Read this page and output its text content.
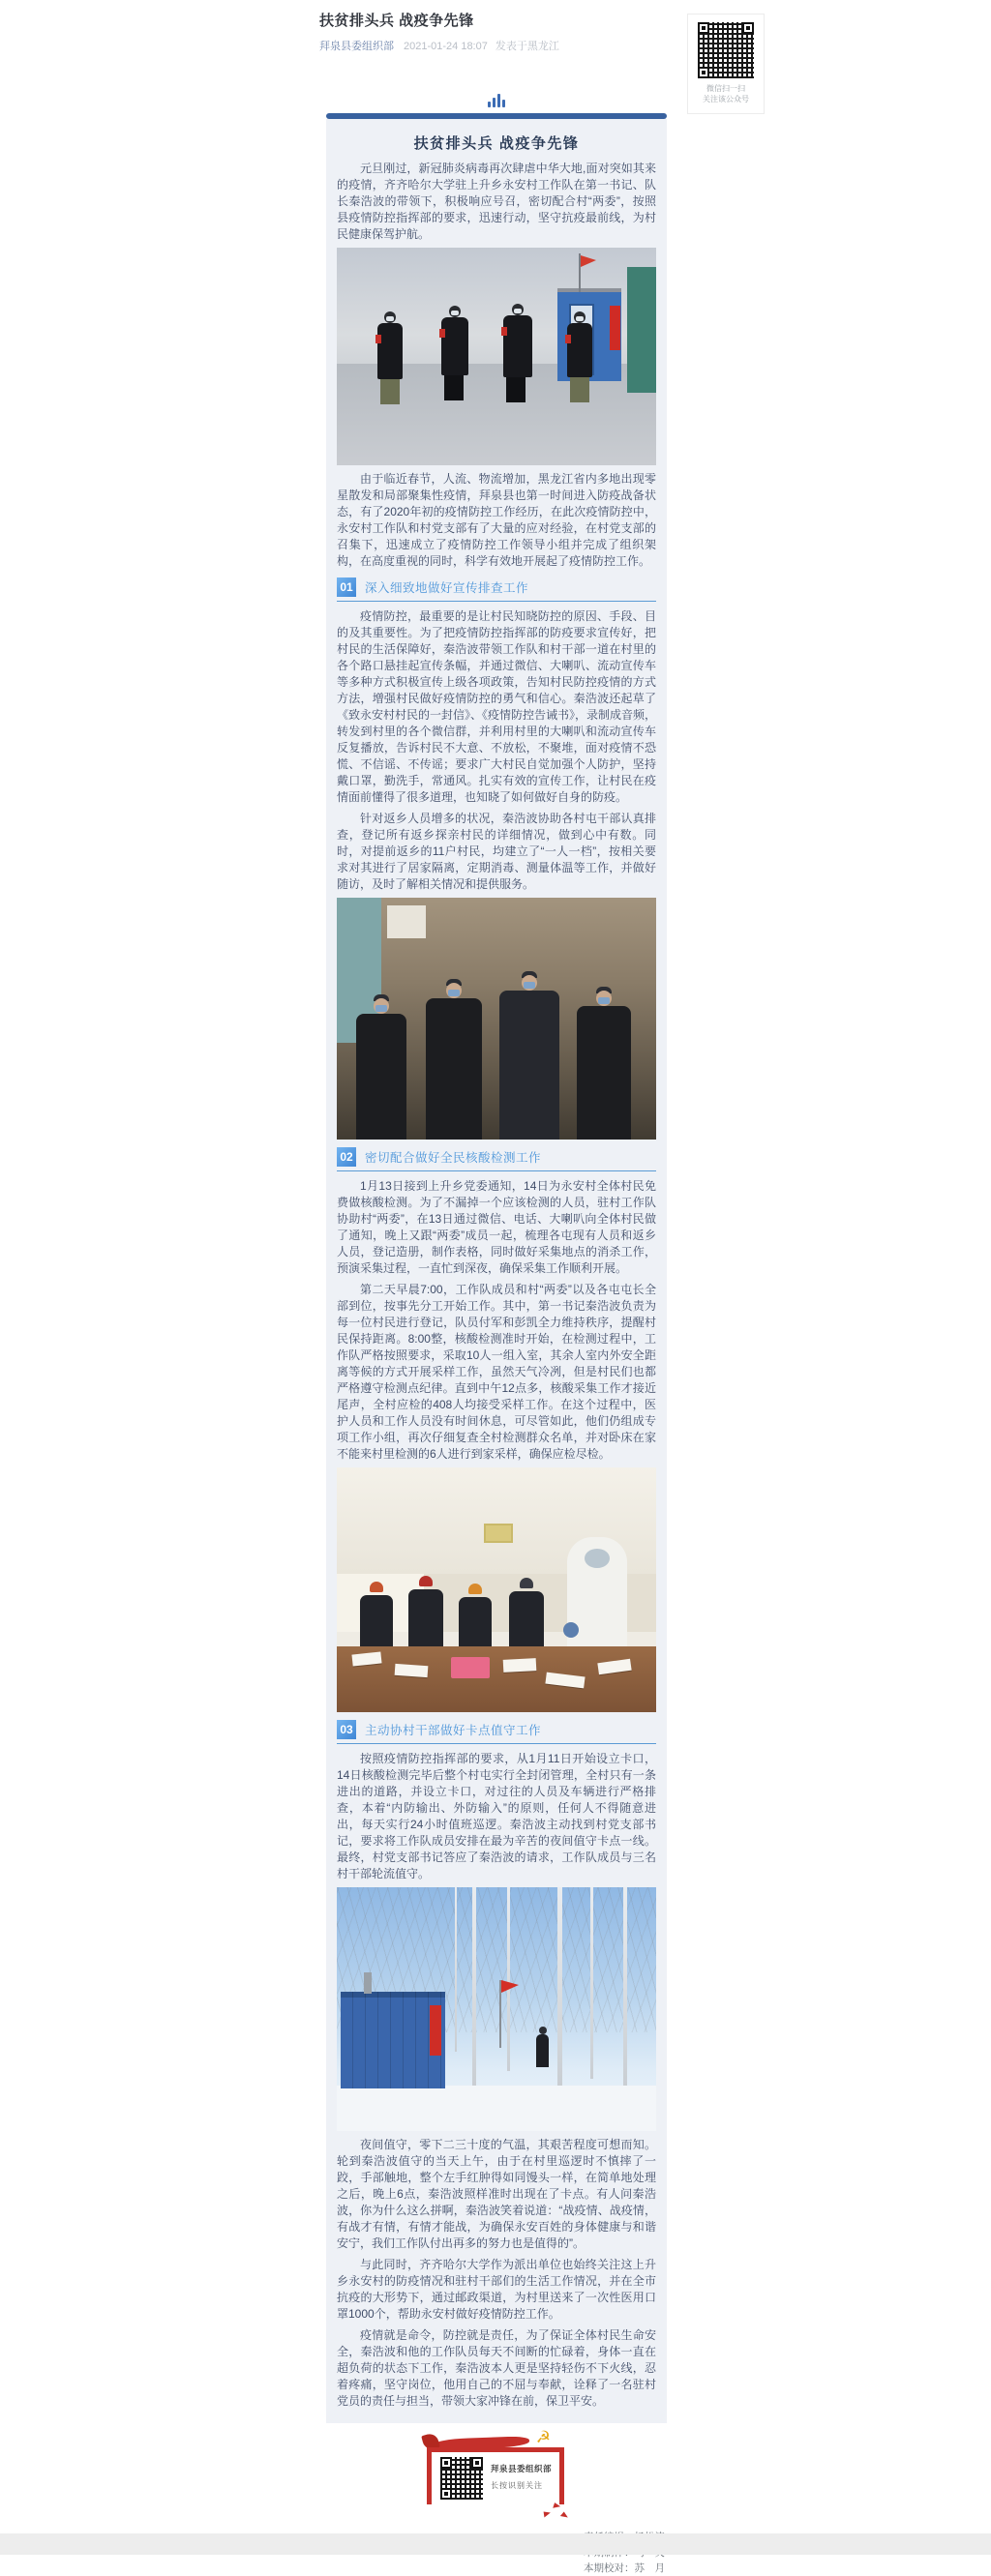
扶贫排头兵 战疫争先锋
拜泉县委组织部 2021-01-24 18:07 发表于黑龙江
微信扫一扫
关注该公众号
扶贫排头兵 战疫争先锋

元旦刚过，新冠肺炎病毒再次肆虐中华大地,面对突如其来的疫情，齐齐哈尔大学驻上升乡永安村工作队在第一书记、队长秦浩波的带领下，积极响应号召，密切配合村“两委”，按照县疫情防控指挥部的要求，迅速行动，坚守抗疫最前线，为村民健康保驾护航。

由于临近春节，人流、物流增加，黑龙江省内多地出现零星散发和局部聚集性疫情，拜泉县也第一时间进入防疫战备状态，有了2020年初的疫情防控工作经历，在此次疫情防控中，永安村工作队和村党支部有了大量的应对经验，在村党支部的召集下，迅速成立了疫情防控工作领导小组并完成了组织架构，在高度重视的同时，科学有效地开展起了疫情防控工作。

01 深入细致地做好宣传排查工作

疫情防控，最重要的是让村民知晓防控的原因、手段、目的及其重要性。为了把疫情防控指挥部的防疫要求宣传好，把村民的生活保障好，秦浩波带领工作队和村干部一道在村里的各个路口悬挂起宣传条幅，并通过微信、大喇叭、流动宣传车等多种方式积极宣传上级各项政策，告知村民防控疫情的方式方法，增强村民做好疫情防控的勇气和信心。秦浩波还起草了《致永安村村民的一封信》、《疫情防控告诫书》，录制成音频，转发到村里的各个微信群，并利用村里的大喇叭和流动宣传车反复播放，告诉村民不大意、不放松，不聚堆，面对疫情不恐慌、不信谣、不传谣；要求广大村民自觉加强个人防护，坚持戴口罩，勤洗手，常通风。扎实有效的宣传工作，让村民在疫情面前懂得了很多道理，也知晓了如何做好自身的防疫。

针对返乡人员增多的状况，秦浩波协助各村屯干部认真排查，登记所有返乡探亲村民的详细情况，做到心中有数。同时，对提前返乡的11户村民，均建立了“一人一档”，按相关要求对其进行了居家隔离，定期消毒、测量体温等工作，并做好随访，及时了解相关情况和提供服务。

02 密切配合做好全民核酸检测工作

1月13日接到上升乡党委通知，14日为永安村全体村民免费做核酸检测。为了不漏掉一个应该检测的人员，驻村工作队协助村“两委”，在13日通过微信、电话、大喇叭向全体村民做了通知，晚上又跟“两委”成员一起，梳理各屯现有人员和返乡人员，登记造册，制作表格，同时做好采集地点的消杀工作，预演采集过程，一直忙到深夜，确保采集工作顺利开展。

第二天早晨7:00，工作队成员和村“两委”以及各屯屯长全部到位，按事先分工开始工作。其中，第一书记秦浩波负责为每一位村民进行登记，队员付军和彭凯全力维持秩序，提醒村民保持距离。8:00整，核酸检测准时开始，在检测过程中，工作队严格按照要求，采取10人一组入室，其余人室内外安全距离等候的方式开展采样工作，虽然天气冷冽，但是村民们也都严格遵守检测点纪律。直到中午12点多，核酸采集工作才接近尾声，全村应检的408人均接受采样工作。在这个过程中，医护人员和工作人员没有时间休息，可尽管如此，他们仍组成专项工作小组，再次仔细复查全村检测群众名单，并对卧床在家不能来村里检测的6人进行到家采样，确保应检尽检。

03 主动协村干部做好卡点值守工作

按照疫情防控指挥部的要求，从1月11日开始设立卡口，14日核酸检测完毕后整个村屯实行全封闭管理，全村只有一条进出的道路，并设立卡口，对过往的人员及车辆进行严格排查，本着“内防输出、外防输入”的原则，任何人不得随意进出，每天实行24小时值班巡逻。秦浩波主动找到村党支部书记，要求将工作队成员安排在最为辛苦的夜间值守卡点一线。最终，村党支部书记答应了秦浩波的请求，工作队成员与三名村干部轮流值守。

夜间值守，零下二三十度的气温，其艰苦程度可想而知。轮到秦浩波值守的当天上午，由于在村里巡逻时不慎摔了一跤，手部触地，整个左手红肿得如同馒头一样，在简单地处理之后，晚上6点，秦浩波照样准时出现在了卡点。有人问秦浩波，你为什么这么拼啊，秦浩波笑着说道：“战疫情、战疫情，有战才有情，有情才能战，为确保永安百姓的身体健康与和谐安宁，我们工作队付出再多的努力也是值得的”。

与此同时，齐齐哈尔大学作为派出单位也始终关注这上升乡永安村的防疫情况和驻村干部们的生活工作情况，并在全市抗疫的大形势下，通过邮政渠道，为村里送来了一次性医用口罩1000个，帮助永安村做好疫情防控工作。

疫情就是命令，防控就是责任，为了保证全体村民生命安全，秦浩波和他的工作队员每天不间断的忙碌着，身体一直在超负荷的状态下工作，秦浩波本人更是坚持轻伤不下火线，忍着疼痛，坚守岗位，他用自己的不屈与奉献，诠释了一名驻村党员的责任与担当，带领大家冲锋在前，保卫平安。

☭
拜泉县委组织部
长按识别关注
本期校对：苏　月
